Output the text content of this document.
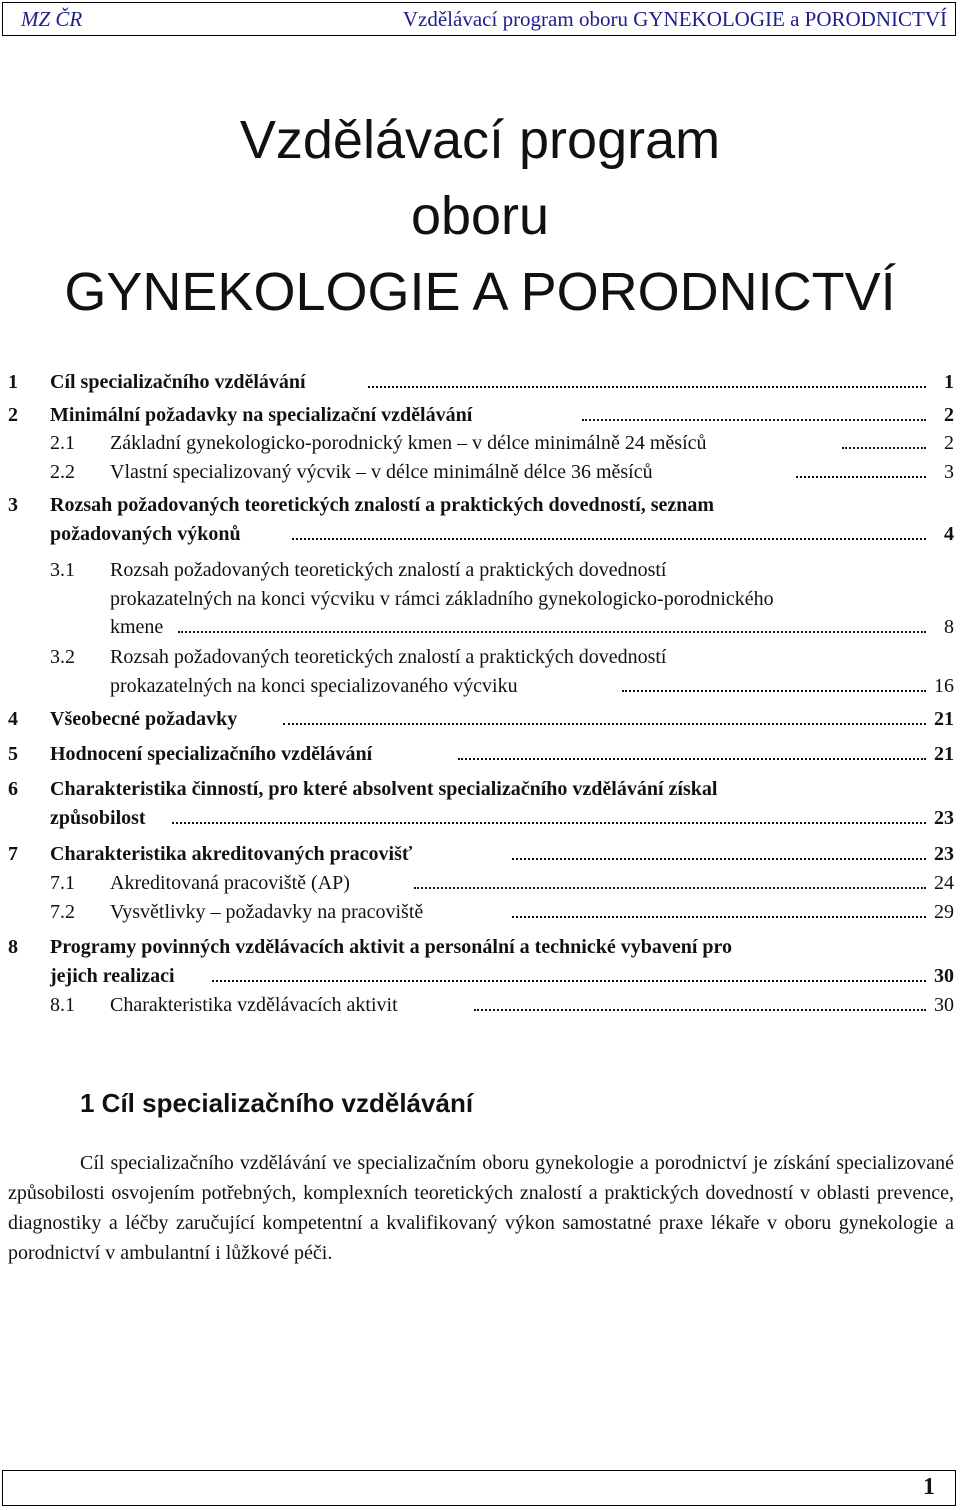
MZ ČR	Vzdělávací program oboru GYNEKOLOGIE a PORODNICTVÍ
Vzdělávací program
oboru
GYNEKOLOGIE A PORODNICTVÍ
1 Cíl specializačního vzdělávání	1
2 Minimální požadavky na specializační vzdělávání	2
2.1 Základní gynekologicko-porodnický kmen – v délce minimálně 24 měsíců	2
2.2 Vlastní specializovaný výcvik – v délce minimálně délce 36 měsíců	3
3 Rozsah požadovaných teoretických znalostí a praktických dovedností, seznam
požadovaných výkonů	4
3.1 Rozsah požadovaných teoretických znalostí a praktických dovedností
prokazatelných na konci výcviku v rámci základního gynekologicko-porodnického
kmene	8
3.2 Rozsah požadovaných teoretických znalostí a praktických dovedností
prokazatelných na konci specializovaného výcviku	16
4 Všeobecné požadavky	21
5 Hodnocení specializačního vzdělávání	21
6 Charakteristika činností, pro které absolvent specializačního vzdělávání získal
způsobilost	23
7 Charakteristika akreditovaných pracovišť	23
7.1 Akreditovaná pracoviště (AP)	24
7.2 Vysvětlivky – požadavky na pracoviště	29
8 Programy povinných vzdělávacích aktivit a personální a technické vybavení pro
jejich realizaci	30
8.1 Charakteristika vzdělávacích aktivit	30
1 Cíl specializačního vzdělávání

Cíl specializačního vzdělávání ve specializačním oboru gynekologie a porodnictví je získání specializované způsobilosti osvojením potřebných, komplexních teoretických znalostí a praktických dovedností v oblasti prevence, diagnostiky a léčby zaručující kompetentní a kvalifikovaný výkon samostatné praxe lékaře v oboru gynekologie a porodnictví v ambulantní i lůžkové péči.

1
